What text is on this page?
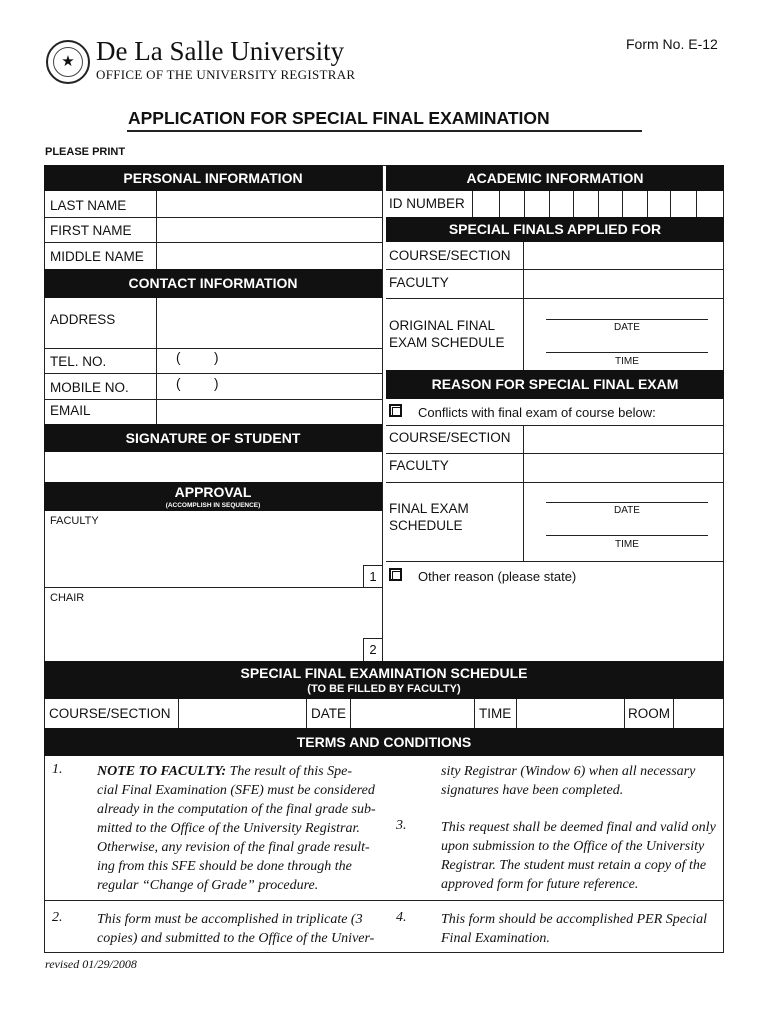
★ De La Salle University
OFFICE OF THE UNIVERSITY REGISTRAR
Form No. E-12
APPLICATION FOR SPECIAL FINAL EXAMINATION
PLEASE PRINT
PERSONAL INFORMATION
LAST NAME
FIRST NAME
MIDDLE NAME
CONTACT INFORMATION
ADDRESS
TEL. NO.	( )
MOBILE NO.	( )
EMAIL
SIGNATURE OF STUDENT
APPROVAL
(ACCOMPLISH IN SEQUENCE)
FACULTY
1
CHAIR
2
ACADEMIC INFORMATION
ID NUMBER
SPECIAL FINALS APPLIED FOR
COURSE/SECTION
FACULTY
ORIGINAL FINAL
EXAM SCHEDULE
DATE
TIME
REASON FOR SPECIAL FINAL EXAM
Conflicts with final exam of course below:
COURSE/SECTION
FACULTY
FINAL EXAM
SCHEDULE
DATE
TIME
Other reason (please state)
SPECIAL FINAL EXAMINATION SCHEDULE
(TO BE FILLED BY FACULTY)
COURSE/SECTION	DATE	TIME	ROOM
TERMS AND CONDITIONS
1. NOTE TO FACULTY: The result of this Spe-
cial Final Examination (SFE) must be considered
already in the computation of the final grade sub-
mitted to the Office of the University Registrar.
Otherwise, any revision of the final grade result-
ing from this SFE should be done through the
regular “Change of Grade” procedure.
2. This form must be accomplished in triplicate (3
copies) and submitted to the Office of the Univer-
sity Registrar (Window 6) when all necessary
signatures have been completed.
3. This request shall be deemed final and valid only
upon submission to the Office of the University
Registrar. The student must retain a copy of the
approved form for future reference.
4. This form should be accomplished PER Special
Final Examination.
revised 01/29/2008
